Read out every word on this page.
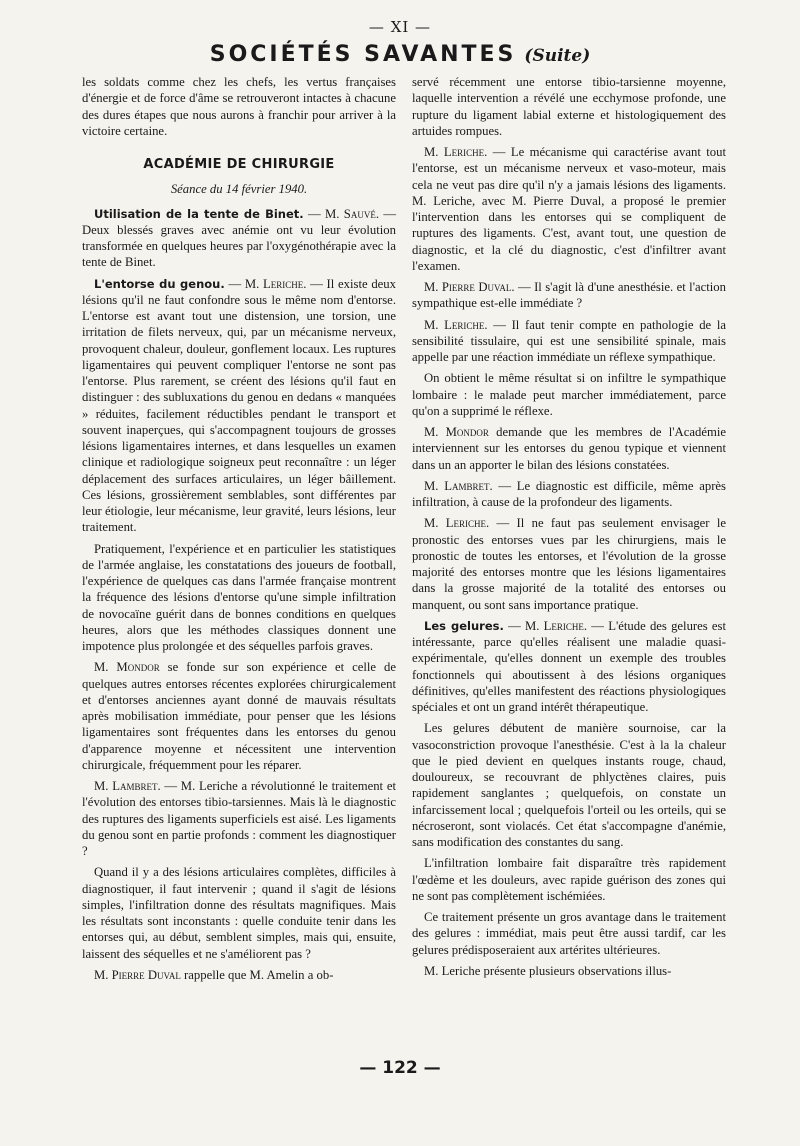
— XI —
SOCIÉTÉS SAVANTES (Suite)

les soldats comme chez les chefs, les vertus françaises d'énergie et de force d'âme se retrouveront intactes à chacune des dures étapes que nous aurons à franchir pour arriver à la victoire certaine.

ACADÉMIE DE CHIRURGIE
Séance du 14 février 1940.

Utilisation de la tente de Binet. — M. Sauvé. — Deux blessés graves avec anémie ont vu leur évolution transformée en quelques heures par l'oxygénothérapie avec la tente de Binet.

L'entorse du genou. — M. Leriche. — Il existe deux lésions qu'il ne faut confondre sous le même nom d'entorse. L'entorse est avant tout une distension, une torsion, une irritation de filets nerveux, qui, par un mécanisme nerveux, provoquent chaleur, douleur, gonflement locaux. Les ruptures ligamentaires qui peuvent compliquer l'entorse ne sont pas l'entorse. Plus rarement, se créent des lésions qu'il faut en distinguer : des subluxations du genou en dedans « manquées » réduites, facilement réductibles pendant le transport et souvent inaperçues, qui s'accompagnent toujours de grosses lésions ligamentaires internes, et dans lesquelles un examen clinique et radiologique soigneux peut reconnaître : un léger déplacement des surfaces articulaires, un léger bâillement. Ces lésions, grossièrement semblables, sont différentes par leur étiologie, leur mécanisme, leur gravité, leurs lésions, leur traitement.

Pratiquement, l'expérience et en particulier les statistiques de l'armée anglaise, les constatations des joueurs de football, l'expérience de quelques cas dans l'armée française montrent la fréquence des lésions d'entorse qu'une simple infiltration de novocaïne guérit dans de bonnes conditions en quelques heures, alors que les méthodes classiques donnent une impotence plus prolongée et des séquelles parfois graves.

M. Mondor se fonde sur son expérience et celle de quelques autres entorses récentes explorées chirurgicalement et d'entorses anciennes ayant donné de mauvais résultats après mobilisation immédiate, pour penser que les lésions ligamentaires sont fréquentes dans les entorses du genou d'apparence moyenne et nécessitent une intervention chirurgicale, fréquemment pour les réparer.

M. Lambret. — M. Leriche a révolutionné le traitement et l'évolution des entorses tibio-tarsiennes. Mais là le diagnostic des ruptures des ligaments superficiels est aisé. Les ligaments du genou sont en partie profonds : comment les diagnostiquer ?

Quand il y a des lésions articulaires complètes, difficiles à diagnostiquer, il faut intervenir ; quand il s'agit de lésions simples, l'infiltration donne des résultats magnifiques. Mais les résultats sont inconstants : quelle conduite tenir dans les entorses qui, au début, semblent simples, mais qui, ensuite, laissent des séquelles et ne s'améliorent pas ?

M. Pierre Duval rappelle que M. Amelin a ob-

servé récemment une entorse tibio-tarsienne moyenne, laquelle intervention a révélé une ecchymose profonde, une rupture du ligament labial externe et histologiquement des artuides rompues.

M. Leriche. — Le mécanisme qui caractérise avant tout l'entorse, est un mécanisme nerveux et vaso-moteur, mais cela ne veut pas dire qu'il n'y a jamais lésions des ligaments. M. Leriche, avec M. Pierre Duval, a proposé le premier l'intervention dans les entorses qui se compliquent de ruptures des ligaments. C'est, avant tout, une question de diagnostic, et la clé du diagnostic, c'est d'infiltrer avant l'examen.

M. Pierre Duval. — Il s'agit là d'une anesthésie. et l'action sympathique est-elle immédiate ?

M. Leriche. — Il faut tenir compte en pathologie de la sensibilité tissulaire, qui est une sensibilité spinale, mais appelle par une réaction immédiate un réflexe sympathique.

On obtient le même résultat si on infiltre le sympathique lombaire : le malade peut marcher immédiatement, parce qu'on a supprimé le réflexe.

M. Mondor demande que les membres de l'Académie interviennent sur les entorses du genou typique et viennent dans un an apporter le bilan des lésions constatées.

M. Lambret. — Le diagnostic est difficile, même après infiltration, à cause de la profondeur des ligaments.

M. Leriche. — Il ne faut pas seulement envisager le pronostic des entorses vues par les chirurgiens, mais le pronostic de toutes les entorses, et l'évolution de la grosse majorité des entorses montre que les lésions ligamentaires dans la grosse majorité de la totalité des entorses ou manquent, ou sont sans importance pratique.

Les gelures. — M. Leriche. — L'étude des gelures est intéressante, parce qu'elles réalisent une maladie quasi-expérimentale, qu'elles donnent un exemple des troubles fonctionnels qui aboutissent à des lésions organiques définitives, qu'elles manifestent des réactions physiologiques spéciales et ont un grand intérêt thérapeutique.

Les gelures débutent de manière sournoise, car la vasoconstriction provoque l'anesthésie. C'est à la la chaleur que le pied devient en quelques instants rouge, chaud, douloureux, se recouvrant de phlyctènes claires, puis rapidement sanglantes ; quelquefois, on constate un infarcissement local ; quelquefois l'orteil ou les orteils, qui se nécroseront, sont violacés. Cet état s'accompagne d'anémie, sans modification des constantes du sang.

L'infiltration lombaire fait disparaître très rapidement l'œdème et les douleurs, avec rapide guérison des zones qui ne sont pas complètement ischémiées.

Ce traitement présente un gros avantage dans le traitement des gelures : immédiat, mais peut être aussi tardif, car les gelures prédisposeraient aux artérites ultérieures.

M. Leriche présente plusieurs observations illus-

— 122 —
